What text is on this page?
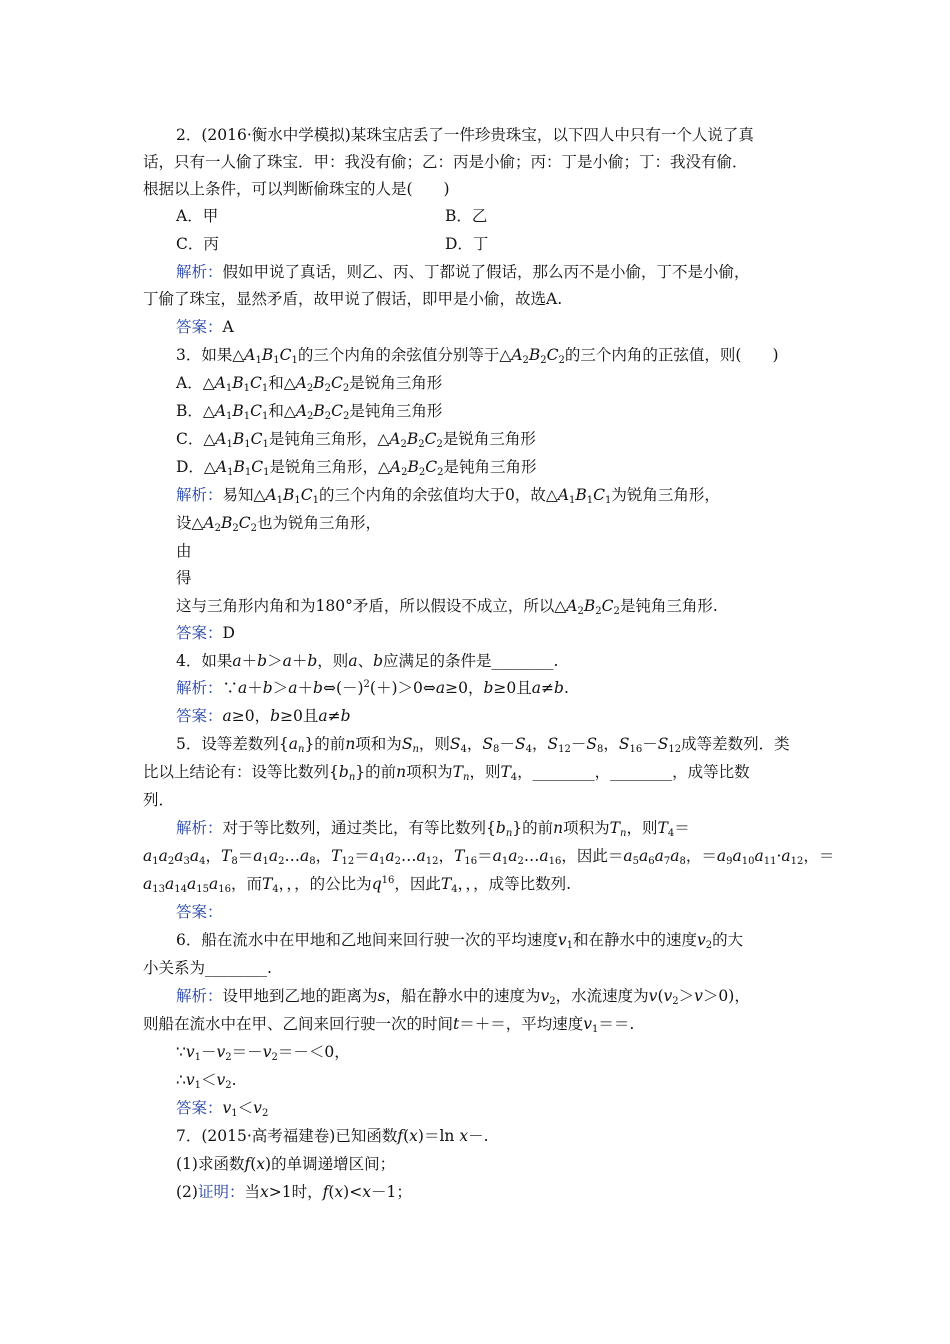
2．(2016·衡水中学模拟)某珠宝店丢了一件珍贵珠宝，以下四人中只有一个人说了真
话，只有一人偷了珠宝．甲：我没有偷；乙：丙是小偷；丙：丁是小偷；丁：我没有偷．
根据以上条件，可以判断偷珠宝的人是(　　)
A．甲	B．乙
C．丙	D．丁
解析：假如甲说了真话，则乙、丙、丁都说了假话，那么丙不是小偷，丁不是小偷，
丁偷了珠宝，显然矛盾，故甲说了假话，即甲是小偷，故选A.
答案：A
3．如果$\triangle A_1B_1C_1$的三个内角的余弦值分别等于$\triangle A_2B_2C_2$的三个内角的正弦值，则(　　)
A．$\triangle A_1B_1C_1$和$\triangle A_2B_2C_2$是锐角三角形
B．$\triangle A_1B_1C_1$和$\triangle A_2B_2C_2$是钝角三角形
C．$\triangle A_1B_1C_1$是钝角三角形，$\triangle A_2B_2C_2$是锐角三角形
D．$\triangle A_1B_1C_1$是锐角三角形，$\triangle A_2B_2C_2$是钝角三角形
解析：易知$\triangle A_1B_1C_1$的三个内角的余弦值均大于0，故$\triangle A_1B_1C_1$为锐角三角形，
设$\triangle A_2B_2C_2$也为锐角三角形，
由
得
这与三角形内角和为180°矛盾，所以假设不成立，所以$\triangle A_2B_2C_2$是钝角三角形.
答案：D
4．如果a＋b＞a＋b，则a、b应满足的条件是________.
解析：$\because a+b>a+b\Leftrightarrow(-)^2(+)>0\Leftrightarrow a\ge 0$，b≥0且a≠b.
答案：a≥0，b≥0且a≠b
5．设等差数列$\{a_n\}$的前n项和为$S_n$，则$S_4$，$S_8-S_4$，$S_{12}-S_8$，$S_{16}-S_{12}$成等差数列．类
比以上结论有：设等比数列$\{b_n\}$的前n项积为$T_n$，则$T_4$，________，________，成等比数
列．
解析：对于等比数列，通过类比，有等比数列$\{b_n\}$的前n项积为$T_n$，则$T_4=$
$a_1a_2a_3a_4$，$T_8=a_1a_2\dots a_8$，$T_{12}=a_1a_2\dots a_{12}$，$T_{16}=a_1a_2\dots a_{16}$，因此$=a_5a_6a_7a_8$，$=a_9a_{10}a_{11}\cdot a_{12}$，＝
$a_{13}a_{14}a_{15}a_{16}$，而$T_4$，，，的公比为$q^{16}$，因此$T_4$，，，成等比数列.
答案：
6．船在流水中在甲地和乙地间来回行驶一次的平均速度$v_1$和在静水中的速度$v_2$的大
小关系为________.
解析：设甲地到乙地的距离为s，船在静水中的速度为$v_2$，水流速度为$v(v_2>v>0)$，
则船在流水中在甲、乙间来回行驶一次的时间t＝＋＝，平均速度$v_1==$.
$\because v_1-v_2=-v_2=-<0$，
$\therefore v_1<v_2$.
答案：$v_1<v_2$
7．(2015·高考福建卷)已知函数f(x)＝ln x－.
(1)求函数f(x)的单调递增区间；
(2)证明：当x>1时，f(x)<x－1；
